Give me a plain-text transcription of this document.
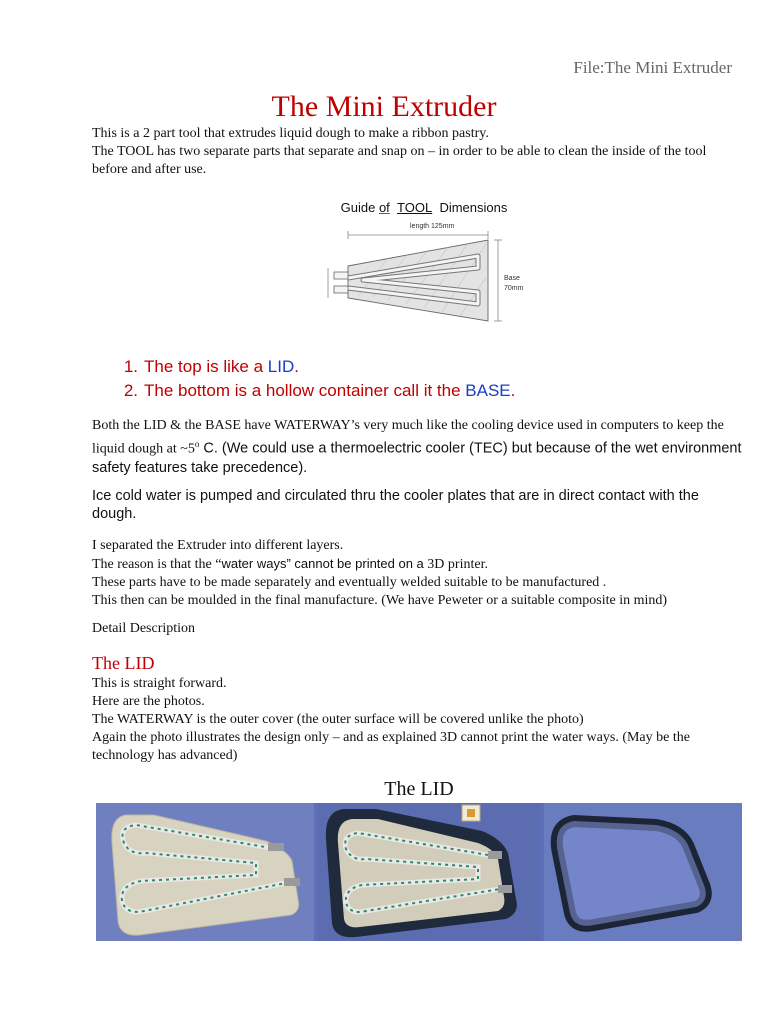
File:The Mini Extruder
The Mini Extruder
This is a 2 part tool that extrudes liquid dough to make a ribbon pastry.
The TOOL has two separate parts that separate and snap on – in order to be able to clean the inside of the tool before and after use.
Guide of TOOL Dimensions
length 125mm
Base
70mm
1. The top is like a LID.
2. The bottom is a hollow container call it the BASE.
Both the LID & the BASE have WATERWAY’s very much like the cooling device used in computers to keep the liquid dough at ~5$^o$ C. (We could use a thermoelectric cooler (TEC) but because of the wet environment safety features take precedence).
Ice cold water is pumped and circulated thru the cooler plates that are in direct contact with the dough.
I separated the Extruder into different layers.
The reason is that the “water ways” cannot be printed on a 3D printer.
These parts have to be made separately and eventually welded suitable to be manufactured .
This then can be moulded in the final manufacture. (We have Peweter or a suitable composite in mind)
Detail Description
The LID
This is straight forward.
Here are the photos.
The WATERWAY is the outer cover (the outer surface will be covered unlike the photo)
Again the photo illustrates the design only – and as explained 3D cannot print the water ways. (May be the technology has advanced)
The LID
